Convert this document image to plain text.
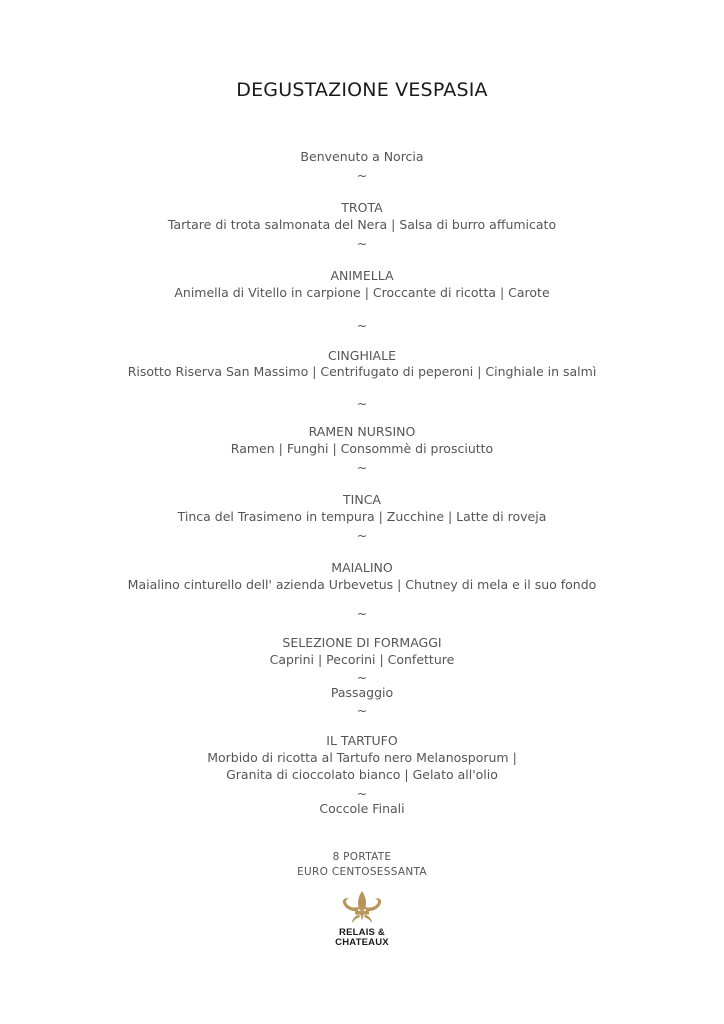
DEGUSTAZIONE VESPASIA
Benvenuto a Norcia
~
TROTA
Tartare di trota salmonata del Nera | Salsa di burro affumicato
~
ANIMELLA
Animella di Vitello in carpione | Croccante di ricotta | Carote
~
CINGHIALE
Risotto Riserva San Massimo | Centrifugato di peperoni | Cinghiale in salmì
~
RAMEN NURSINO
Ramen | Funghi | Consommè di prosciutto
~
TINCA
Tinca del Trasimeno in tempura | Zucchine | Latte di roveja
~
MAIALINO
Maialino cinturello dell' azienda Urbevetus | Chutney di mela e il suo fondo
~
SELEZIONE DI FORMAGGI
Caprini | Pecorini | Confetture
~
Passaggio
~
IL TARTUFO
Morbido di ricotta al Tartufo nero Melanosporum |
Granita di cioccolato bianco | Gelato all'olio
~
Coccole Finali
8 PORTATE
EURO CENTOSESSANTA
RELAIS &
CHATEAUX
